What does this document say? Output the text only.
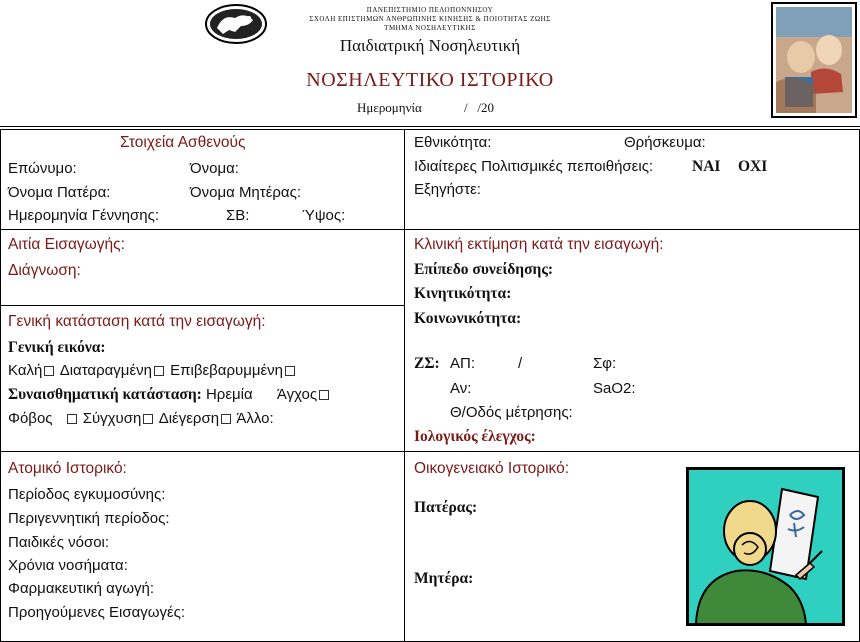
ΠΑΝΕΠΙΣΤΗΜΙΟ ΠΕΛΟΠΟΝΝΗΣΟΥ
ΣΧΟΛΗ ΕΠΙΣΤΗΜΩΝ ΑΝΘΡΩΠΙΝΗΣ ΚΙΝΗΣΗΣ & ΠΟΙΟΤΗΤΑΣ ΖΩΗΣ
ΤΜΗΜΑ ΝΟΣΗΛΕΥΤΙΚΗΣ
Παιδιατρική Νοσηλευτική
ΝΟΣΗΛΕΥΤΙΚΟ ΙΣΤΟΡΙΚΟ
Ημερομηνία	/   /20
Στοιχεία Ασθενούς
Επώνυμο:	Όνομα:
Όνομα Πατέρα:	Όνομα Μητέρας:
Ημερομηνία Γέννησης:	ΣΒ:	Ύψος:
Εθνικότητα:	Θρήσκευμα:
Ιδιαίτερες Πολιτισμικές πεποιθήσεις:	ΝΑΙ ΟΧΙ
Εξηγήστε:
Αιτία Εισαγωγής:
Διάγνωση:
Γενική κατάσταση κατά την εισαγωγή:
Γενική εικόνα:
Καλή Διαταραγμένη Επιβεβαρυμμένη
Συναισθηματική κατάσταση: Ηρεμία Άγχος
Φόβος Σύγχυση Διέγερση Άλλο:
Κλινική εκτίμηση κατά την εισαγωγή:
Επίπεδο συνείδησης:
Κινητικότητα:
Κοινωνικότητα:
ΖΣ: ΑΠ:	/	Σφ:
Αν:	SaO2:
Θ/Οδός μέτρησης:
Ιολογικός έλεγχος:
Ατομικό Ιστορικό:
Περίοδος εγκυμοσύνης:
Περιγεννητική περίοδος:
Παιδικές νόσοι:
Χρόνια νοσήματα:
Φαρμακευτική αγωγή:
Προηγούμενες Εισαγωγές:
Οικογενειακό Ιστορικό:
Πατέρας:
Μητέρα:
